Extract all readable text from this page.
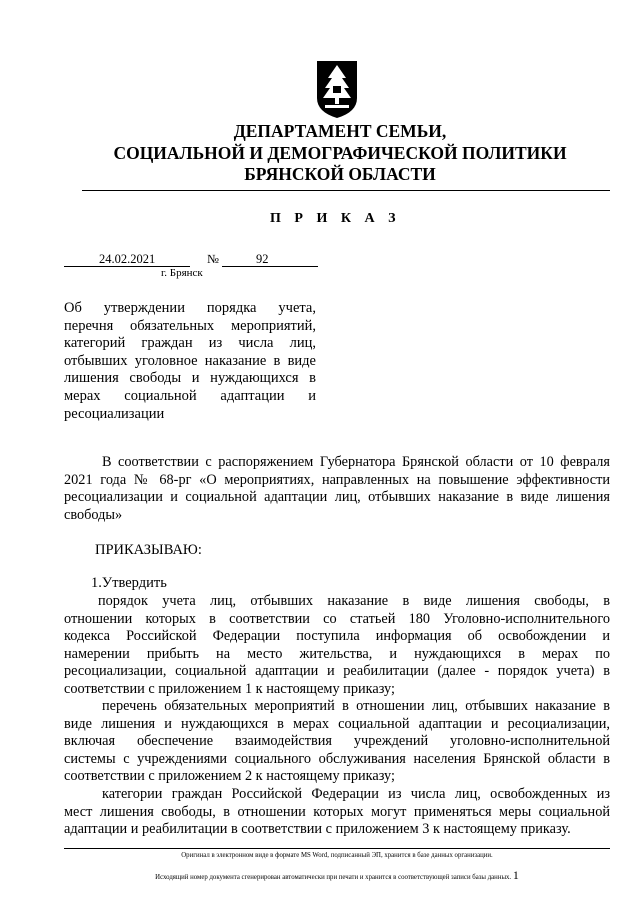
ДЕПАРТАМЕНТ СЕМЬИ,
СОЦИАЛЬНОЙ И ДЕМОГРАФИЧЕСКОЙ ПОЛИТИКИ
БРЯНСКОЙ ОБЛАСТИ
П Р И К А З
24.02.2021	№	92
г. Брянск
Об утверждении порядка учета,
перечня обязательных мероприятий,
категорий граждан из числа лиц,
отбывших уголовное наказание в виде
лишения свободы и нуждающихся в
мерах социальной адаптации и
ресоциализации
В соответствии с распоряжением Губернатора Брянской области от 10 февраля
2021 года № 68-рг «О мероприятиях, направленных на повышение эффективности
ресоциализации и социальной адаптации лиц, отбывших наказание в виде лишения
свободы»
ПРИКАЗЫВАЮ:
1.Утвердить
порядок учета лиц, отбывших наказание в виде лишения свободы, в
отношении которых в соответствии со статьей 180 Уголовно-исполнительного
кодекса Российской Федерации поступила информация об освобождении и
намерении прибыть на место жительства, и нуждающихся в мерах по
ресоциализации, социальной адаптации и реабилитации (далее - порядок учета) в
соответствии с приложением 1 к настоящему приказу;
перечень обязательных мероприятий в отношении лиц, отбывших наказание в
виде лишения и нуждающихся в мерах социальной адаптации и ресоциализации,
включая обеспечение взаимодействия учреждений уголовно-исполнительной
системы с учреждениями социального обслуживания населения Брянской области в
соответствии с приложением 2 к настоящему приказу;
категории граждан Российской Федерации из числа лиц, освобожденных из
мест лишения свободы, в отношении которых могут применяться меры социальной
адаптации и реабилитации в соответствии с приложением 3 к настоящему приказу.
Оригинал в электронном виде в формате MS Word, подписанный ЭП, хранится в базе данных организации.
Исходящий номер документа сгенерирован автоматически при печати и хранится в соответствующей записи базы данных. 1
